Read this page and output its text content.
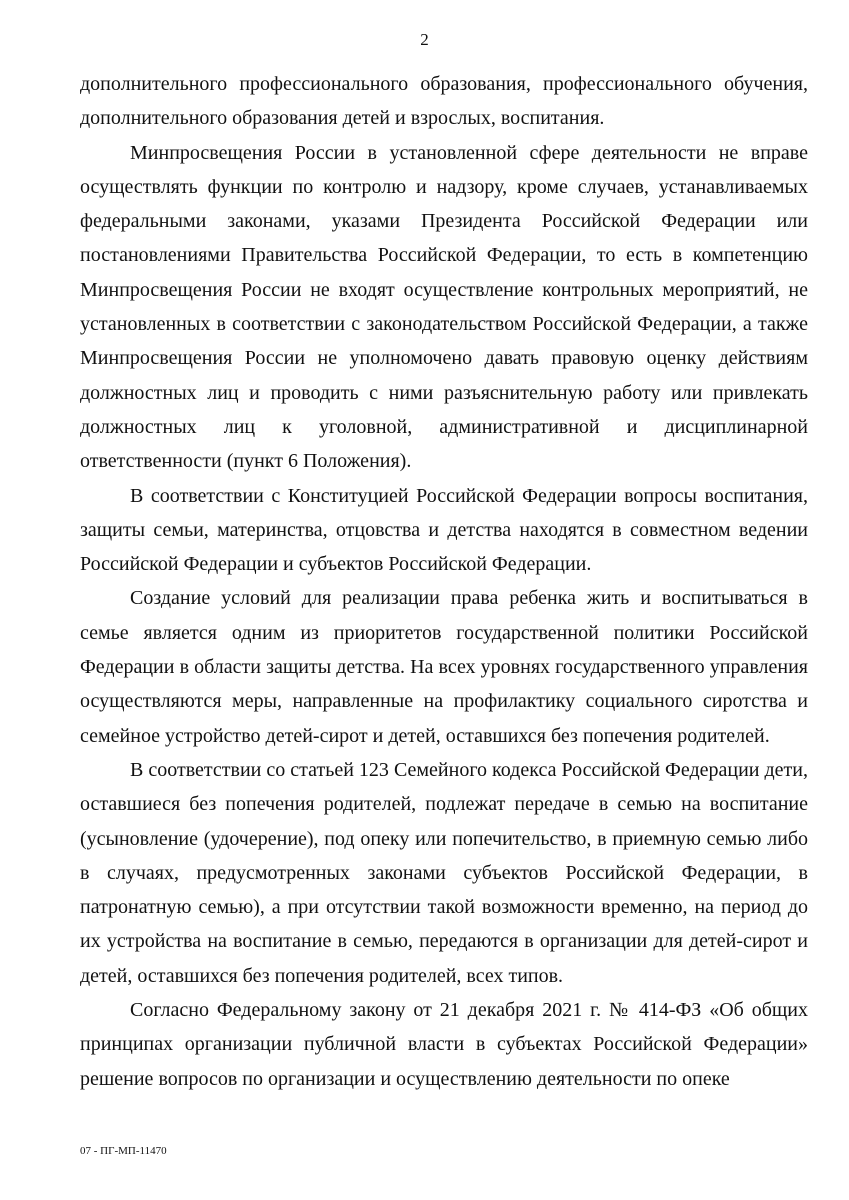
2

дополнительного профессионального образования, профессионального обучения, дополнительного образования детей и взрослых, воспитания.

Минпросвещения России в установленной сфере деятельности не вправе осуществлять функции по контролю и надзору, кроме случаев, устанавливаемых федеральными законами, указами Президента Российской Федерации или постановлениями Правительства Российской Федерации, то есть в компетенцию Минпросвещения России не входят осуществление контрольных мероприятий, не установленных в соответствии с законодательством Российской Федерации, а также Минпросвещения России не уполномочено давать правовую оценку действиям должностных лиц и проводить с ними разъяснительную работу или привлекать должностных лиц к уголовной, административной и дисциплинарной ответственности (пункт 6 Положения).

В соответствии с Конституцией Российской Федерации вопросы воспитания, защиты семьи, материнства, отцовства и детства находятся в совместном ведении Российской Федерации и субъектов Российской Федерации.

Создание условий для реализации права ребенка жить и воспитываться в семье является одним из приоритетов государственной политики Российской Федерации в области защиты детства. На всех уровнях государственного управления осуществляются меры, направленные на профилактику социального сиротства и семейное устройство детей-сирот и детей, оставшихся без попечения родителей.

В соответствии со статьей 123 Семейного кодекса Российской Федерации дети, оставшиеся без попечения родителей, подлежат передаче в семью на воспитание (усыновление (удочерение), под опеку или попечительство, в приемную семью либо в случаях, предусмотренных законами субъектов Российской Федерации, в патронатную семью), а при отсутствии такой возможности временно, на период до их устройства на воспитание в семью, передаются в организации для детей-сирот и детей, оставшихся без попечения родителей, всех типов.

Согласно Федеральному закону от 21 декабря 2021 г. № 414-ФЗ «Об общих принципах организации публичной власти в субъектах Российской Федерации» решение вопросов по организации и осуществлению деятельности по опеке

07 - ПГ-МП-11470
